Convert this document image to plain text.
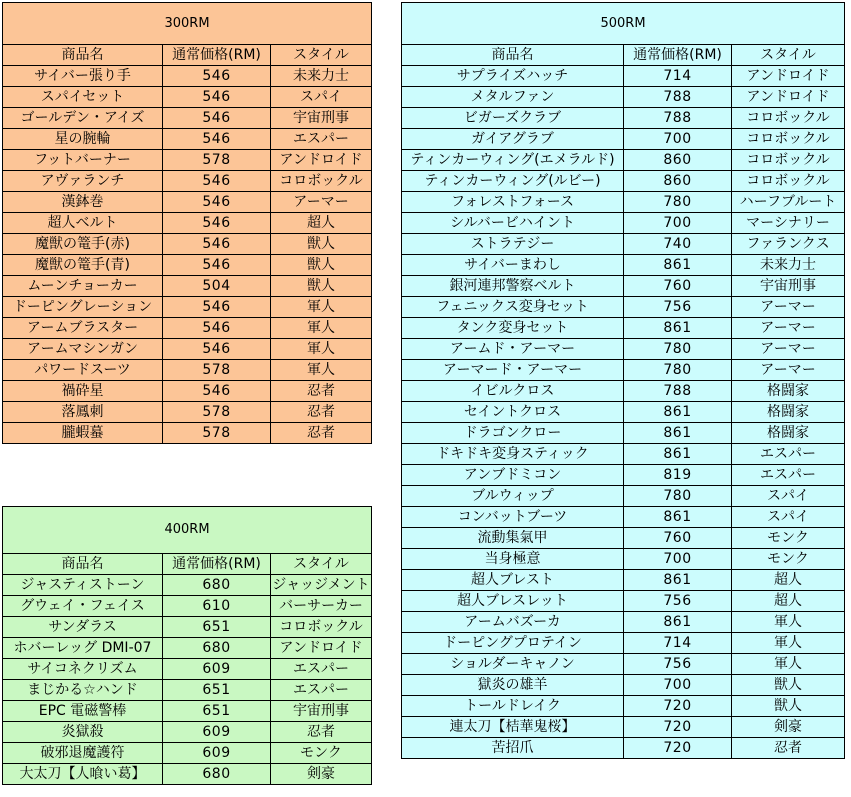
300RM		
商品名	通常価格(RM)	スタイル
サイバー張り手	546	未来力士
スパイセット	546	スパイ
ゴールデン・アイズ	546	宇宙刑事
星の腕輪	546	エスパー
フットバーナー	578	アンドロイド
アヴァランチ	546	コロボックル
漢鉢巻	546	アーマー
超人ベルト	546	超人
魔獣の篭手(赤)	546	獣人
魔獣の篭手(青)	546	獣人
ムーンチョーカー	504	獣人
ドーピングレーション	546	軍人
アームブラスター	546	軍人
アームマシンガン	546	軍人
パワードスーツ	578	軍人
禍砕星	546	忍者
落鳳刺	578	忍者
朧蝦蟇	578	忍者
400RM		
商品名	通常価格(RM)	スタイル
ジャスティストーン	680	ジャッジメント
グウェイ・フェイス	610	バーサーカー
サンダラス	651	コロボックル
ホバーレッグ DMI-07	680	アンドロイド
サイコネクリズム	609	エスパー
まじかる☆ハンド	651	エスパー
EPC 電磁警棒	651	宇宙刑事
炎獄殺	609	忍者
破邪退魔護符	609	モンク
大太刀【人喰い葛】	680	剣豪
500RM		
商品名	通常価格(RM)	スタイル
サプライズハッチ	714	アンドロイド
メタルファン	788	アンドロイド
ビガーズクラブ	788	コロボックル
ガイアグラブ	700	コロボックル
ティンカーウィング(エメラルド)	860	コロボックル
ティンカーウィング(ルビー)	860	コロボックル
フォレストフォース	780	ハーフブルート
シルバービハイント	700	マーシナリー
ストラテジー	740	ファランクス
サイバーまわし	861	未来力士
銀河連邦警察ベルト	760	宇宙刑事
フェニックス変身セット	756	アーマー
タンク変身セット	861	アーマー
アームド・アーマー	780	アーマー
アーマード・アーマー	780	アーマー
イビルクロス	788	格闘家
セイントクロス	861	格闘家
ドラゴンクロー	861	格闘家
ドキドキ変身スティック	861	エスパー
アンブドミコン	819	エスパー
ブルウィップ	780	スパイ
コンバットブーツ	861	スパイ
流動集氣甲	760	モンク
当身極意	700	モンク
超人ブレスト	861	超人
超人ブレスレット	756	超人
アームバズーカ	861	軍人
ドーピングプロテイン	714	軍人
ショルダーキャノン	756	軍人
獄炎の雄羊	700	獣人
トールドレイク	720	獣人
連太刀【桔華鬼桜】	720	剣豪
苦招爪	720	忍者
